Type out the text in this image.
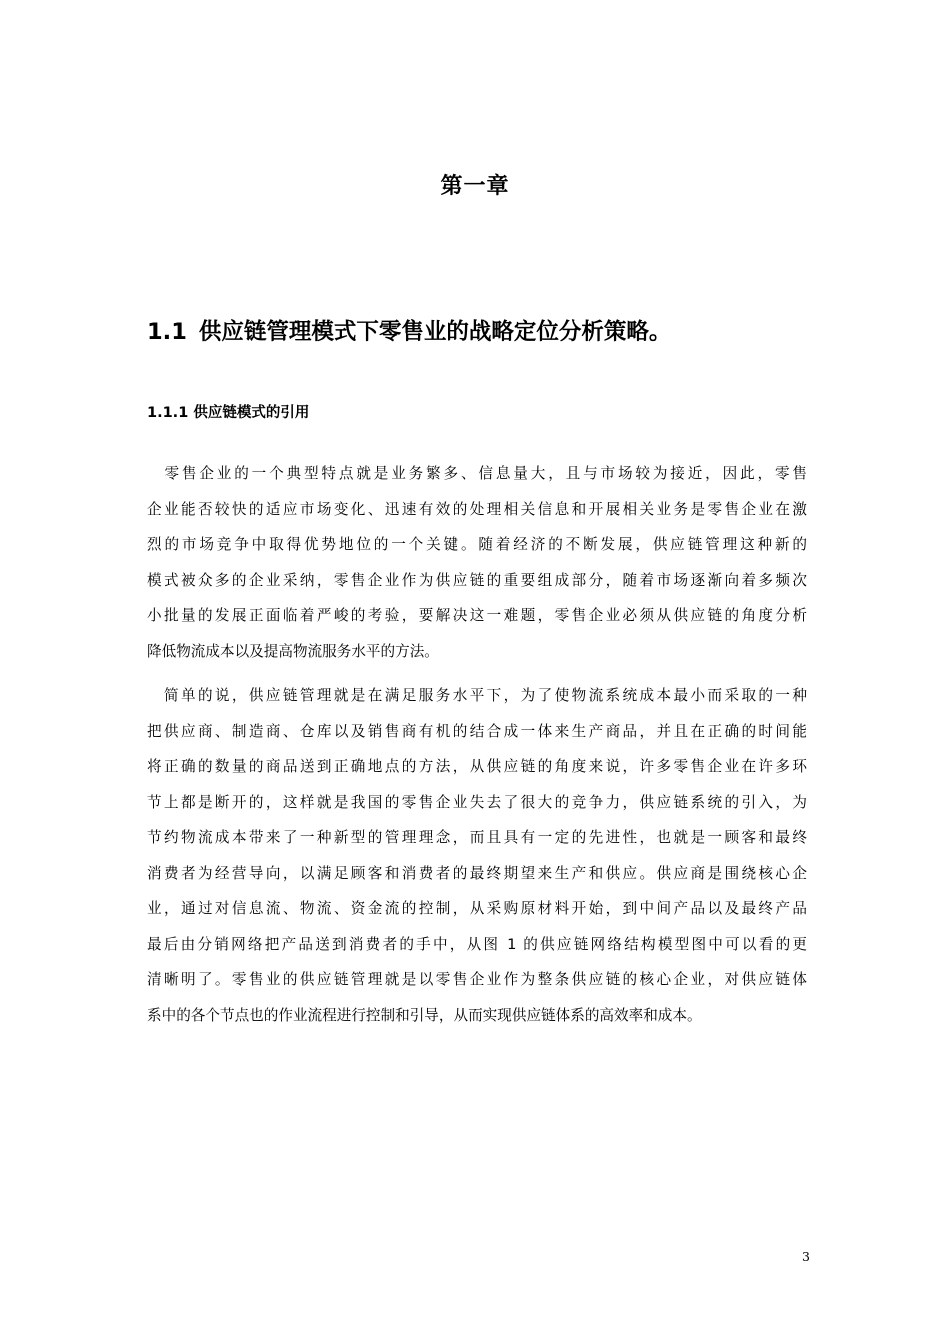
第一章
1.1 供应链管理模式下零售业的战略定位分析策略。
1.1.1 供应链模式的引用
　零售企业的一个典型特点就是业务繁多、信息量大，且与市场较为接近，因此，零售
企业能否较快的适应市场变化、迅速有效的处理相关信息和开展相关业务是零售企业在激
烈的市场竞争中取得优势地位的一个关键。随着经济的不断发展，供应链管理这种新的
模式被众多的企业采纳，零售企业作为供应链的重要组成部分，随着市场逐渐向着多频次
小批量的发展正面临着严峻的考验，要解决这一难题，零售企业必须从供应链的角度分析
降低物流成本以及提高物流服务水平的方法。
　简单的说，供应链管理就是在满足服务水平下，为了使物流系统成本最小而采取的一种
把供应商、制造商、仓库以及销售商有机的结合成一体来生产商品，并且在正确的时间能
将正确的数量的商品送到正确地点的方法，从供应链的角度来说，许多零售企业在许多环
节上都是断开的，这样就是我国的零售企业失去了很大的竞争力，供应链系统的引入，为
节约物流成本带来了一种新型的管理理念，而且具有一定的先进性，也就是一顾客和最终
消费者为经营导向，以满足顾客和消费者的最终期望来生产和供应。供应商是围绕核心企
业，通过对信息流、物流、资金流的控制，从采购原材料开始，到中间产品以及最终产品
最后由分销网络把产品送到消费者的手中，从图 1 的供应链网络结构模型图中可以看的更
清晰明了。零售业的供应链管理就是以零售企业作为整条供应链的核心企业，对供应链体
系中的各个节点也的作业流程进行控制和引导，从而实现供应链体系的高效率和成本。
3
